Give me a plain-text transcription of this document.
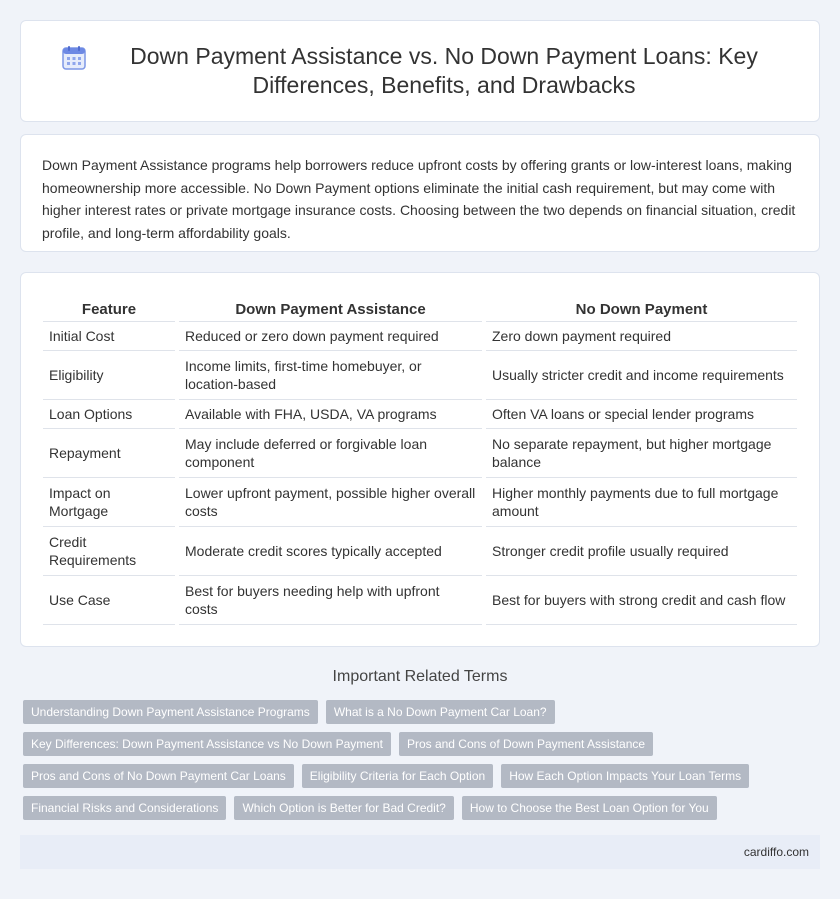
Down Payment Assistance vs. No Down Payment Loans: Key Differences, Benefits, and Drawbacks

Down Payment Assistance programs help borrowers reduce upfront costs by offering grants or low-interest loans, making homeownership more accessible. No Down Payment options eliminate the initial cash requirement, but may come with higher interest rates or private mortgage insurance costs. Choosing between the two depends on financial situation, credit profile, and long-term affordability goals.

Feature	Down Payment Assistance	No Down Payment
Initial Cost	Reduced or zero down payment required	Zero down payment required
Eligibility	Income limits, first-time homebuyer, or location-based	Usually stricter credit and income requirements
Loan Options	Available with FHA, USDA, VA programs	Often VA loans or special lender programs
Repayment	May include deferred or forgivable loan component	No separate repayment, but higher mortgage balance
Impact on Mortgage	Lower upfront payment, possible higher overall costs	Higher monthly payments due to full mortgage amount
Credit Requirements	Moderate credit scores typically accepted	Stronger credit profile usually required
Use Case	Best for buyers needing help with upfront costs	Best for buyers with strong credit and cash flow
Important Related Terms
Understanding Down Payment Assistance Programs	What is a No Down Payment Car Loan?
Key Differences: Down Payment Assistance vs No Down Payment	Pros and Cons of Down Payment Assistance
Pros and Cons of No Down Payment Car Loans	Eligibility Criteria for Each Option	How Each Option Impacts Your Loan Terms
Financial Risks and Considerations	Which Option is Better for Bad Credit?	How to Choose the Best Loan Option for You
cardiffo.com
